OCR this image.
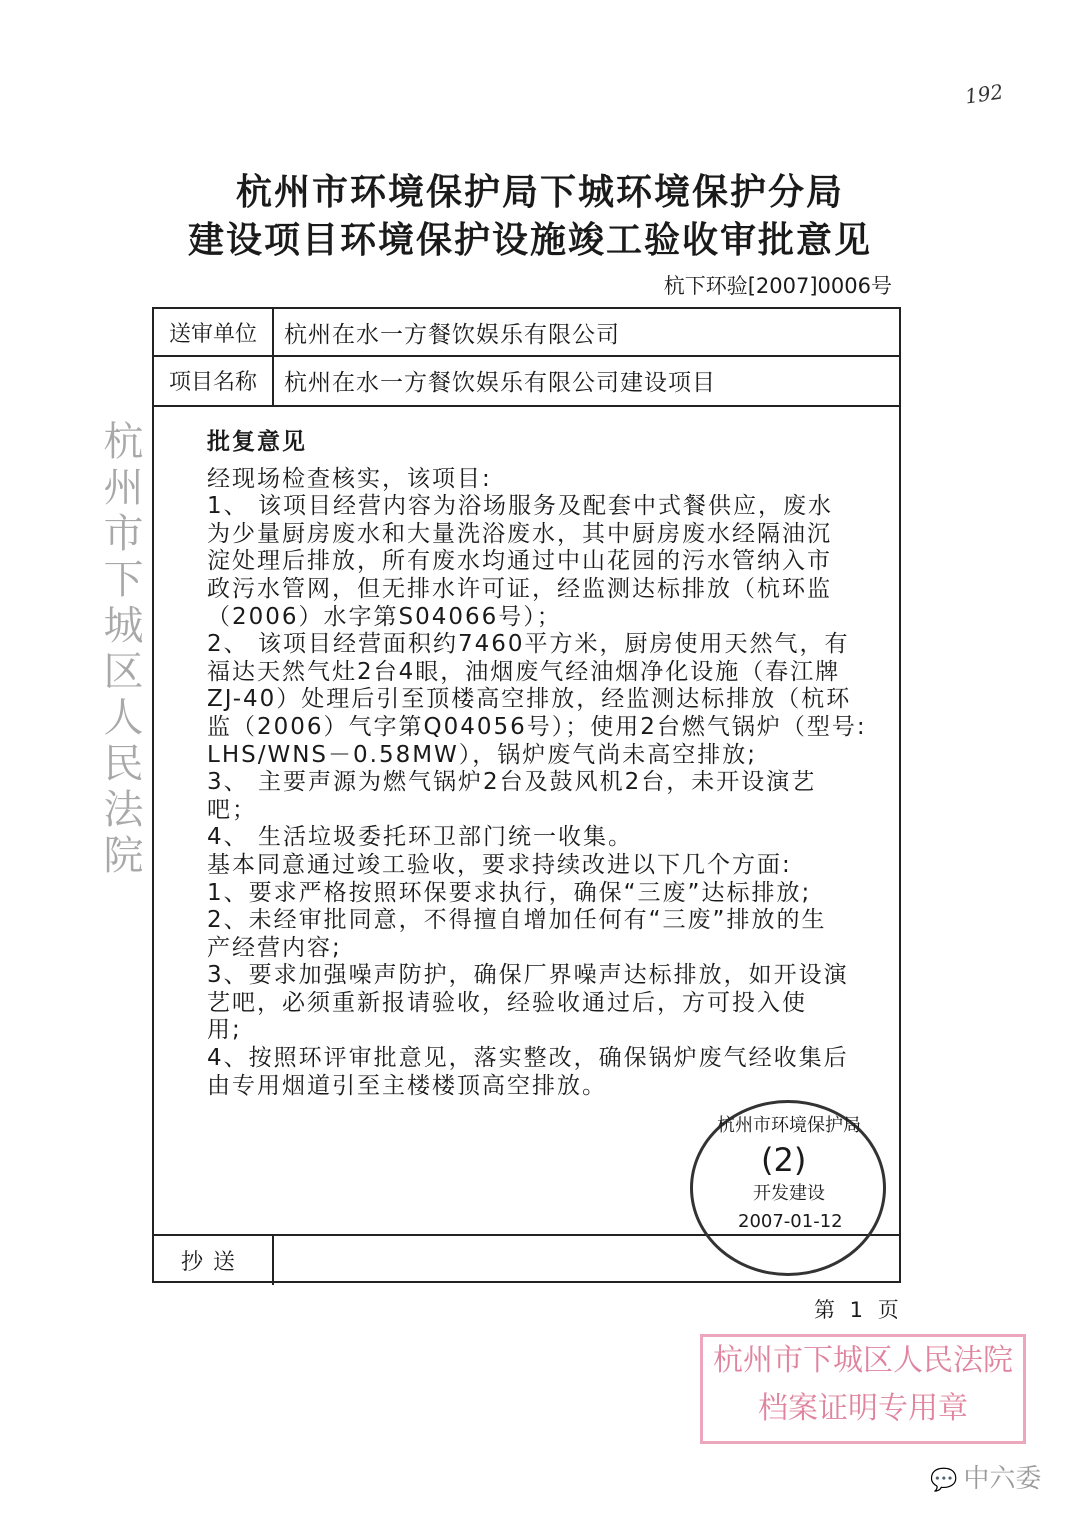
192
杭州市环境保护局下城环境保护分局
建设项目环境保护设施竣工验收审批意见
杭下环验[2007]0006号
送审单位	杭州在水一方餐饮娱乐有限公司
项目名称	杭州在水一方餐饮娱乐有限公司建设项目
批复意见
经现场检查核实，该项目:
1、 该项目经营内容为浴场服务及配套中式餐供应，废水
为少量厨房废水和大量洗浴废水，其中厨房废水经隔油沉
淀处理后排放，所有废水均通过中山花园的污水管纳入市
政污水管网，但无排水许可证，经监测达标排放（杭环监
（2006）水字第S04066号）；
2、 该项目经营面积约7460平方米，厨房使用天然气，有
福达天然气灶2台4眼，油烟废气经油烟净化设施（春江牌
ZJ-40）处理后引至顶楼高空排放，经监测达标排放（杭环
监（2006）气字第Q04056号）；使用2台燃气锅炉（型号:
LHS/WNS－0.58MW），锅炉废气尚未高空排放;
3、 主要声源为燃气锅炉2台及鼓风机2台，未开设演艺
吧；
4、 生活垃圾委托环卫部门统一收集。
基本同意通过竣工验收，要求持续改进以下几个方面:
1、要求严格按照环保要求执行，确保“三废”达标排放;
2、未经审批同意，不得擅自增加任何有“三废”排放的生
产经营内容;
3、要求加强噪声防护，确保厂界噪声达标排放，如开设演
艺吧，必须重新报请验收，经验收通过后，方可投入使
用;
4、按照环评审批意见，落实整改，确保锅炉废气经收集后
由专用烟道引至主楼楼顶高空排放。
抄送
杭州市下城区人民法院
杭州市环境保护局
(2)
开发建设
2007-01-12
第 1 页
杭州市下城区人民法院
档案证明专用章
💬 中六委
